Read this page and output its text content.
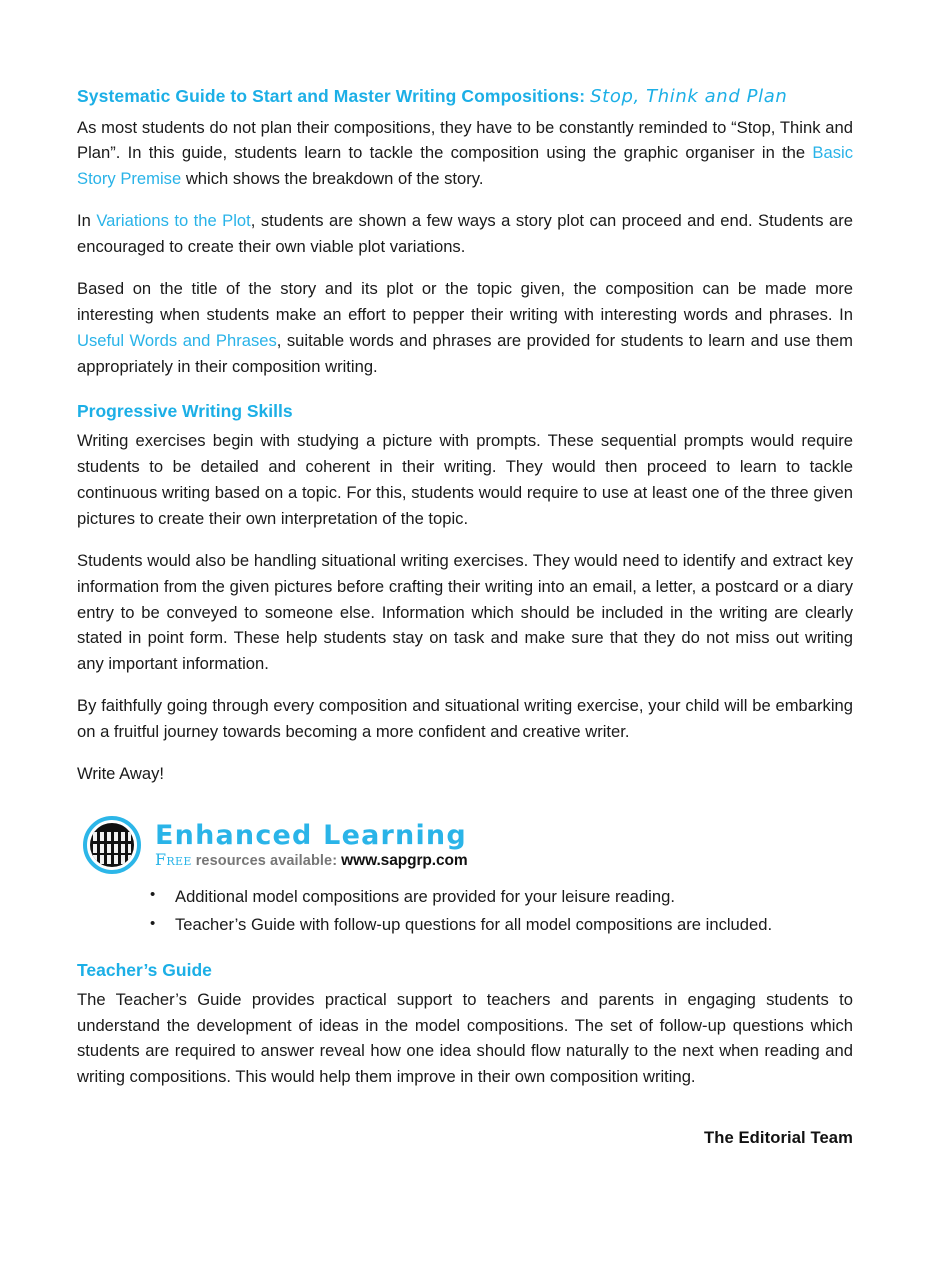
Systematic Guide to Start and Master Writing Compositions: Stop, Think and Plan

As most students do not plan their compositions, they have to be constantly reminded to “Stop, Think and Plan”. In this guide, students learn to tackle the composition using the graphic organiser in the Basic Story Premise which shows the breakdown of the story.

In Variations to the Plot, students are shown a few ways a story plot can proceed and end. Students are encouraged to create their own viable plot variations.

Based on the title of the story and its plot or the topic given, the composition can be made more interesting when students make an effort to pepper their writing with interesting words and phrases. In Useful Words and Phrases, suitable words and phrases are provided for students to learn and use them appropriately in their composition writing.

Progressive Writing Skills

Writing exercises begin with studying a picture with prompts. These sequential prompts would require students to be detailed and coherent in their writing. They would then proceed to learn to tackle continuous writing based on a topic. For this, students would require to use at least one of the three given pictures to create their own interpretation of the topic.

Students would also be handling situational writing exercises. They would need to identify and extract key information from the given pictures before crafting their writing into an email, a letter, a postcard or a diary entry to be conveyed to someone else. Information which should be included in the writing are clearly stated in point form. These help students stay on task and make sure that they do not miss out writing any important information.

By faithfully going through every composition and situational writing exercise, your child will be embarking on a fruitful journey towards becoming a more confident and creative writer.

Write Away!

Enhanced Learning
Free resources available: www.sapgrp.com
• Additional model compositions are provided for your leisure reading.
• Teacher’s Guide with follow-up questions for all model compositions are included.
Teacher’s Guide

The Teacher’s Guide provides practical support to teachers and parents in engaging students to understand the development of ideas in the model compositions. The set of follow-up questions which students are required to answer reveal how one idea should flow naturally to the next when reading and writing compositions. This would help them improve in their own composition writing.

The Editorial Team
